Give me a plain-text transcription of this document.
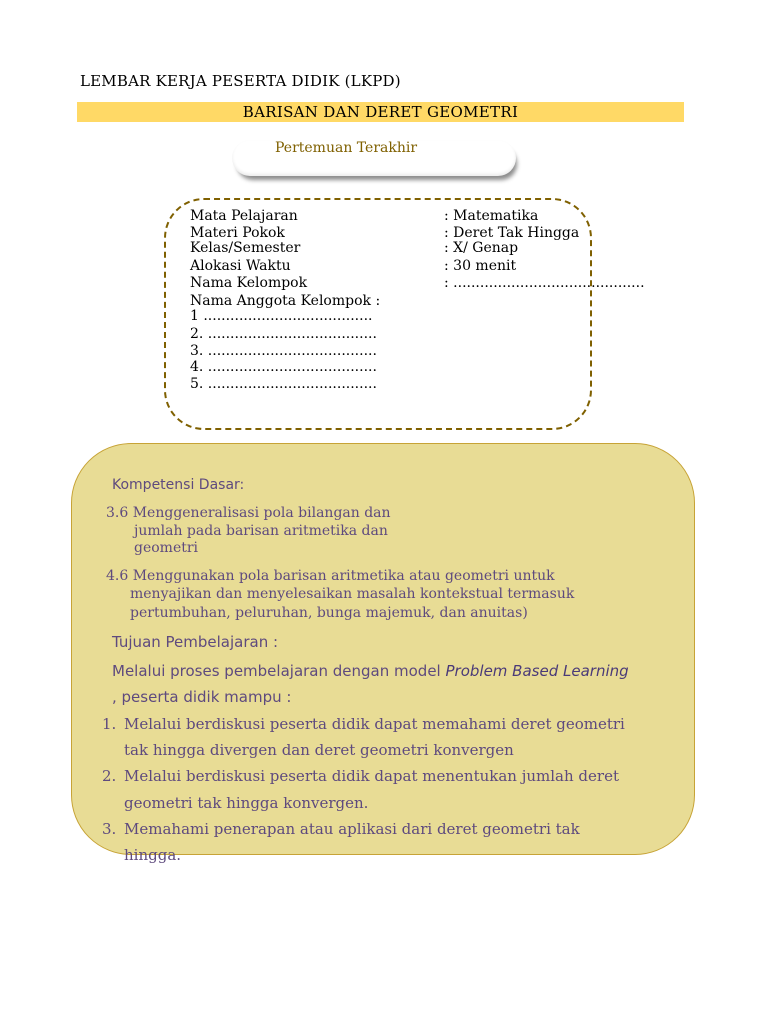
LEMBAR KERJA PESERTA DIDIK (LKPD)
BARISAN DAN DERET GEOMETRI
Pertemuan Terakhir
Mata Pelajaran	: Matematika
Materi Pokok	: Deret Tak Hingga
Kelas/Semester	: X/ Genap
Alokasi Waktu	: 30 menit
Nama Kelompok	: ...........................................
Nama Anggota Kelompok :
1 ......................................
2. ......................................
3. ......................................
4. ......................................
5. ......................................
Kompetensi Dasar:
3.6 Menggeneralisasi pola bilangan dan
jumlah pada barisan aritmetika dan
geometri
4.6 Menggunakan pola barisan aritmetika atau geometri untuk
menyajikan dan menyelesaikan masalah kontekstual termasuk
pertumbuhan, peluruhan, bunga majemuk, dan anuitas)
Tujuan Pembelajaran :
Melalui proses pembelajaran dengan model Problem Based Learning
, peserta didik mampu :
1. Melalui berdiskusi peserta didik dapat memahami deret geometri
tak hingga divergen dan deret geometri konvergen
2. Melalui berdiskusi peserta didik dapat menentukan jumlah deret
geometri tak hingga konvergen.
3. Memahami penerapan atau aplikasi dari deret geometri tak
hingga.
